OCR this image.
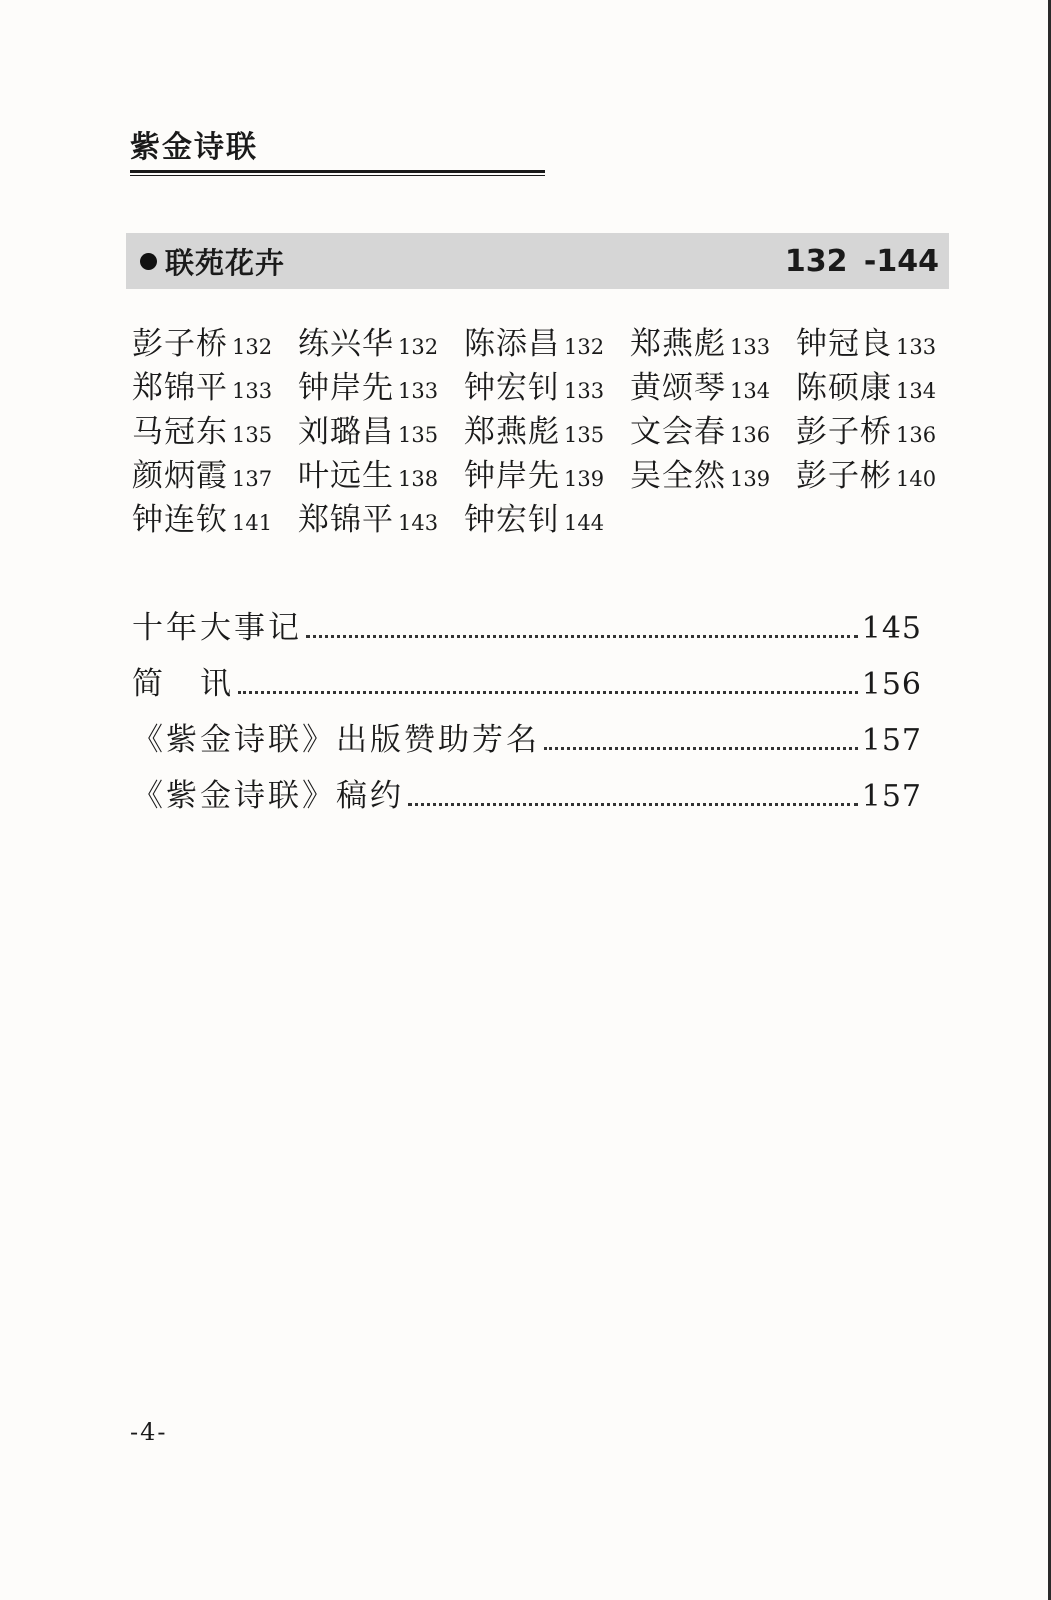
紫金诗联
联苑花卉	132 -144
彭子桥 132 练兴华 132 陈添昌 132 郑燕彪 133 钟冠良 133
郑锦平 133 钟岸先 133 钟宏钊 133 黄颂琴 134 陈硕康 134
马冠东 135 刘璐昌 135 郑燕彪 135 文会春 136 彭子桥 136
颜炳霞 137 叶远生 138 钟岸先 139 吴全然 139 彭子彬 140
钟连钦 141 郑锦平 143 钟宏钊 144
十年大事记	145
简　讯	156
《紫金诗联》出版赞助芳名	157
《紫金诗联》稿约	157
-4-
